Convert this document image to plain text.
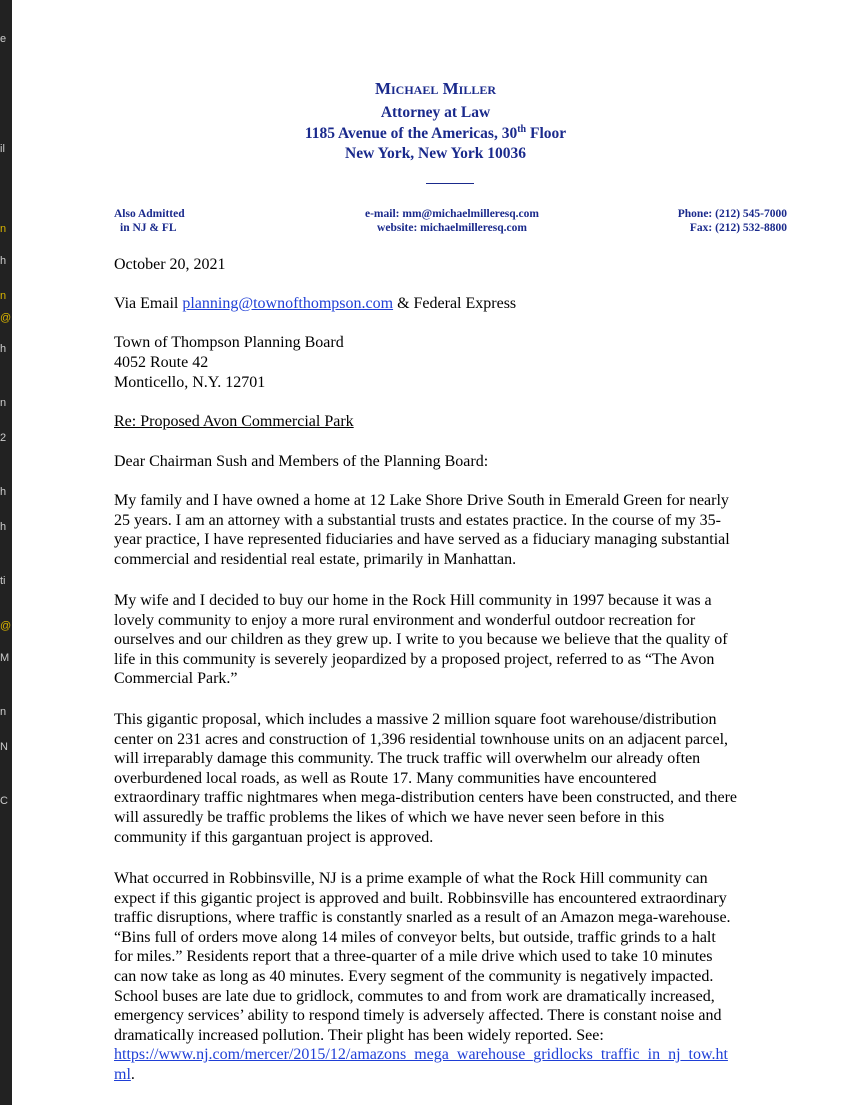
e
il
n
h
n
@
h
n
2
h
h
ti
@
M
n
N
C
Michael Miller
Attorney at Law
1185 Avenue of the Americas, 30th Floor
New York, New York 10036
Also Admitted
in NJ & FL
e-mail: mm@michaelmilleresq.com
website: michaelmilleresq.com
Phone: (212) 545-7000
Fax: (212) 532-8800
October 20, 2021
Via Email planning@townofthompson.com & Federal Express
Town of Thompson Planning Board
4052 Route 42
Monticello, N.Y. 12701
Re: Proposed Avon Commercial Park
Dear Chairman Sush and Members of the Planning Board:
My family and I have owned a home at 12 Lake Shore Drive South in Emerald Green for nearly
25 years. I am an attorney with a substantial trusts and estates practice. In the course of my 35-
year practice, I have represented fiduciaries and have served as a fiduciary managing substantial
commercial and residential real estate, primarily in Manhattan.
My wife and I decided to buy our home in the Rock Hill community in 1997 because it was a
lovely community to enjoy a more rural environment and wonderful outdoor recreation for
ourselves and our children as they grew up. I write to you because we believe that the quality of
life in this community is severely jeopardized by a proposed project, referred to as “The Avon
Commercial Park.”
This gigantic proposal, which includes a massive 2 million square foot warehouse/distribution
center on 231 acres and construction of 1,396 residential townhouse units on an adjacent parcel,
will irreparably damage this community. The truck traffic will overwhelm our already often
overburdened local roads, as well as Route 17. Many communities have encountered
extraordinary traffic nightmares when mega-distribution centers have been constructed, and there
will assuredly be traffic problems the likes of which we have never seen before in this
community if this gargantuan project is approved.
What occurred in Robbinsville, NJ is a prime example of what the Rock Hill community can
expect if this gigantic project is approved and built. Robbinsville has encountered extraordinary
traffic disruptions, where traffic is constantly snarled as a result of an Amazon mega-warehouse.
“Bins full of orders move along 14 miles of conveyor belts, but outside, traffic grinds to a halt
for miles.” Residents report that a three-quarter of a mile drive which used to take 10 minutes
can now take as long as 40 minutes. Every segment of the community is negatively impacted.
School buses are late due to gridlock, commutes to and from work are dramatically increased,
emergency services’ ability to respond timely is adversely affected. There is constant noise and
dramatically increased pollution. Their plight has been widely reported. See:
https://www.nj.com/mercer/2015/12/amazons_mega_warehouse_gridlocks_traffic_in_nj_tow.ht
ml.
